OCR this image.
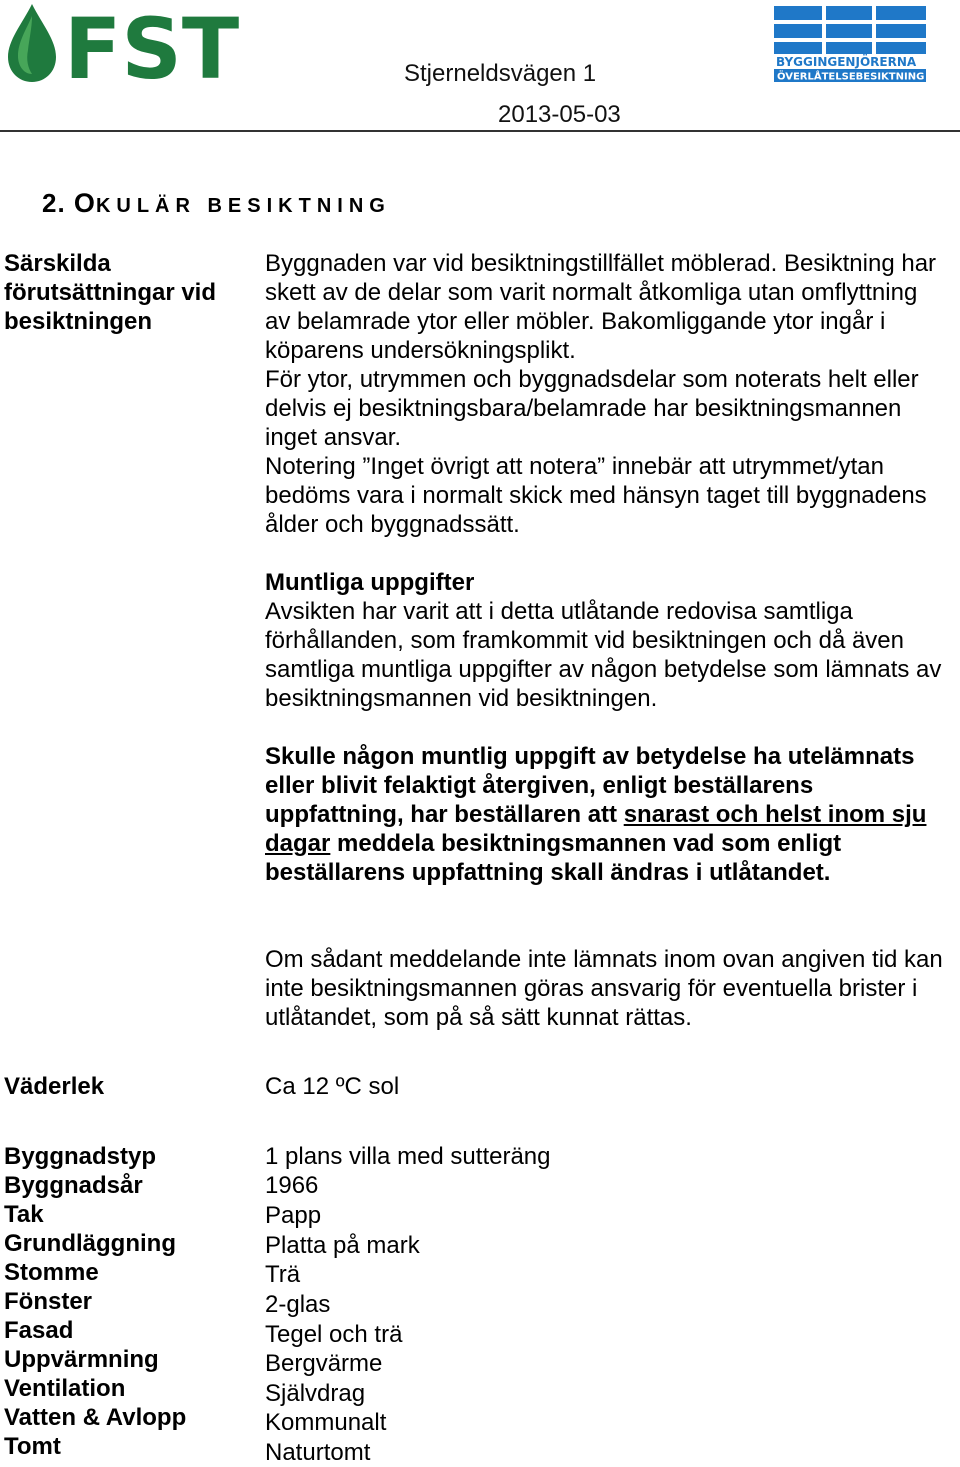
FST	BYGGINGENJÖRERNA
ÖVERLÅTELSEBESIKTNING
Stjerneldsvägen 1
2013-05-03
2. OKULÄR BESIKTNING
Särskilda förutsättningar vid besiktningen
Byggnaden var vid besiktningstillfället möblerad. Besiktning har skett av de delar som varit normalt åtkomliga utan omflyttning av belamrade ytor eller möbler. Bakomliggande ytor ingår i köparens undersökningsplikt.
För ytor, utrymmen och byggnadsdelar som noterats helt eller delvis ej besiktningsbara/belamrade har besiktningsmannen inget ansvar.
Notering ”Inget övrigt att notera” innebär att utrymmet/ytan bedöms vara i normalt skick med hänsyn taget till byggnadens ålder och byggnadssätt.
Muntliga uppgifter
Avsikten har varit att i detta utlåtande redovisa samtliga förhållanden, som framkommit vid besiktningen och då även samtliga muntliga uppgifter av någon betydelse som lämnats av besiktningsmannen vid besiktningen.
Skulle någon muntlig uppgift av betydelse ha utelämnats eller blivit felaktigt återgiven, enligt beställarens uppfattning, har beställaren att snarast och helst inom sju dagar meddela besiktningsmannen vad som enligt beställarens uppfattning skall ändras i utlåtandet.
Om sådant meddelande inte lämnats inom ovan angiven tid kan inte besiktningsmannen göras ansvarig för eventuella brister i utlåtandet, som på så sätt kunnat rättas.
Väderlek	Ca 12 ºC sol
Byggnadstyp	1 plans villa med sutteräng
Byggnadsår	1966
Tak	Papp
Grundläggning	Platta på mark
Stomme	Trä
Fönster	2-glas
Fasad	Tegel och trä
Uppvärmning	Bergvärme
Ventilation	Självdrag
Vatten & Avlopp	Kommunalt
Tomt	Naturtomt
